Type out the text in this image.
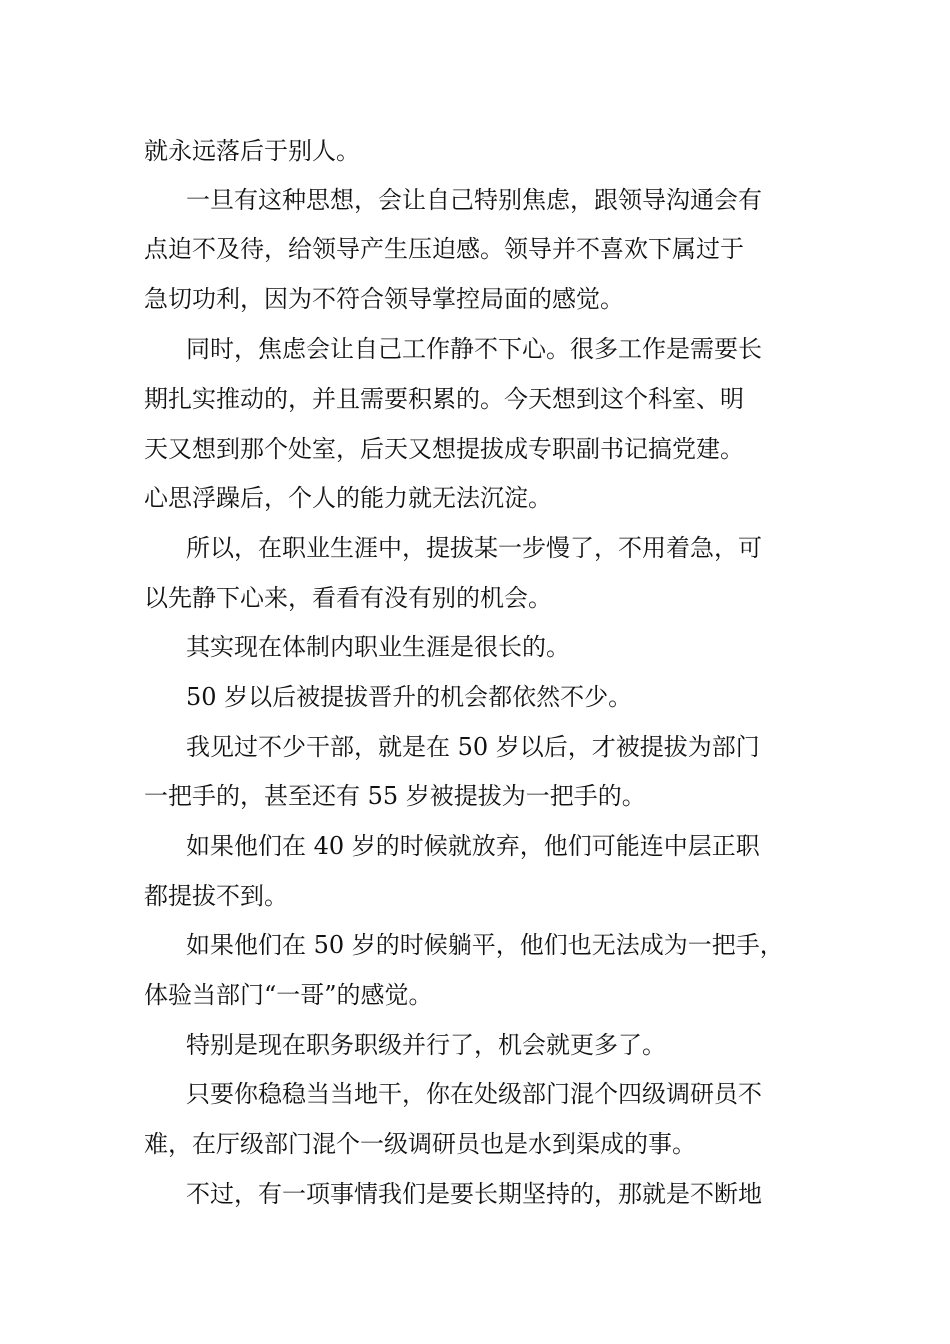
就永远落后于别人。

一旦有这种思想，会让自己特别焦虑，跟领导沟通会有

点迫不及待，给领导产生压迫感。领导并不喜欢下属过于

急切功利，因为不符合领导掌控局面的感觉。

同时，焦虑会让自己工作静不下心。很多工作是需要长

期扎实推动的，并且需要积累的。今天想到这个科室、明

天又想到那个处室，后天又想提拔成专职副书记搞党建。

心思浮躁后，个人的能力就无法沉淀。

所以，在职业生涯中，提拔某一步慢了，不用着急，可

以先静下心来，看看有没有别的机会。

其实现在体制内职业生涯是很长的。

50 岁以后被提拔晋升的机会都依然不少。

我见过不少干部，就是在 50 岁以后，才被提拔为部门

一把手的，甚至还有 55 岁被提拔为一把手的。

如果他们在 40 岁的时候就放弃，他们可能连中层正职

都提拔不到。

如果他们在 50 岁的时候躺平，他们也无法成为一把手，

体验当部门“一哥”的感觉。

特别是现在职务职级并行了，机会就更多了。

只要你稳稳当当地干，你在处级部门混个四级调研员不

难，在厅级部门混个一级调研员也是水到渠成的事。

不过，有一项事情我们是要长期坚持的，那就是不断地
